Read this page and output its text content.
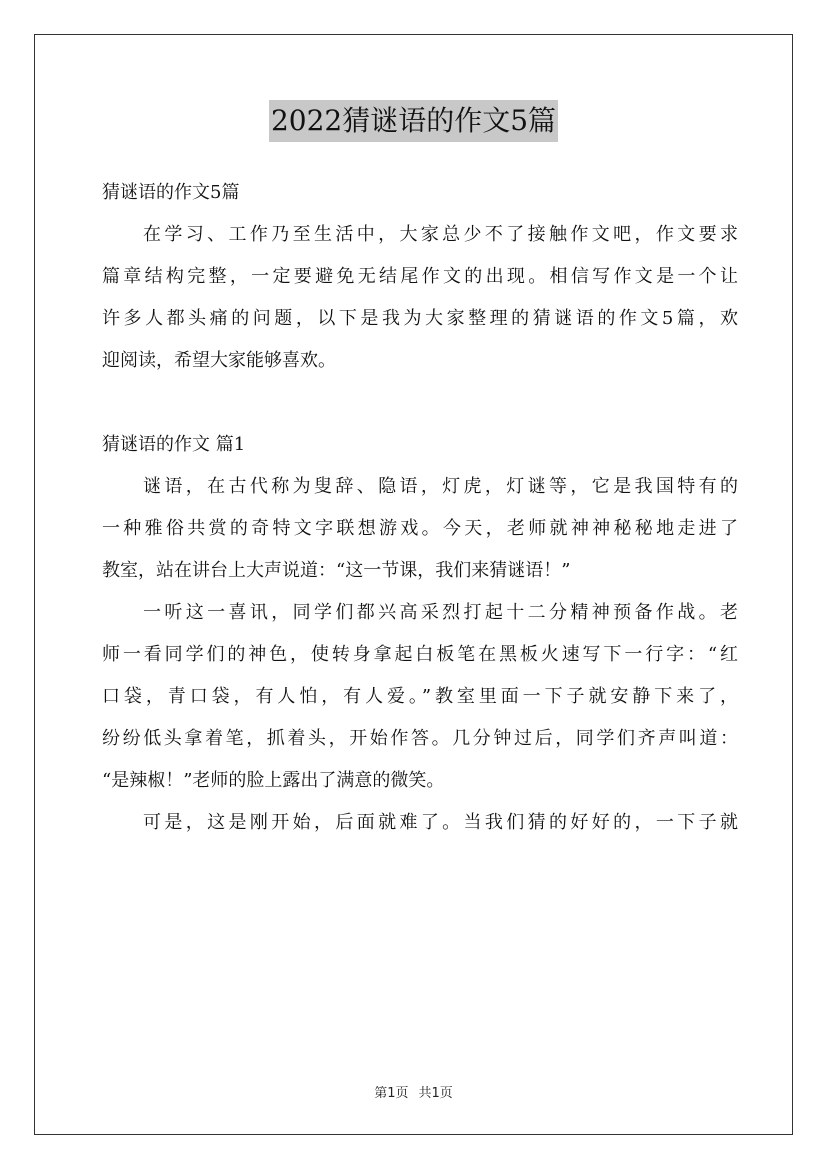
2022猜谜语的作文5篇
猜谜语的作文5篇
在学习、工作乃至生活中，大家总少不了接触作文吧，作文要求
篇章结构完整，一定要避免无结尾作文的出现。相信写作文是一个让
许多人都头痛的问题，以下是我为大家整理的猜谜语的作文5篇，欢
迎阅读，希望大家能够喜欢。
猜谜语的作文 篇1
谜语，在古代称为叟辞、隐语，灯虎，灯谜等，它是我国特有的
一种雅俗共赏的奇特文字联想游戏。今天，老师就神神秘秘地走进了
教室，站在讲台上大声说道：“这一节课，我们来猜谜语！”
一听这一喜讯，同学们都兴高采烈打起十二分精神预备作战。老
师一看同学们的神色，使转身拿起白板笔在黑板火速写下一行字：“红
口袋，青口袋，有人怕，有人爱。”教室里面一下子就安静下来了，
纷纷低头拿着笔，抓着头，开始作答。几分钟过后，同学们齐声叫道：
“是辣椒！”老师的脸上露出了满意的微笑。
可是，这是刚开始，后面就难了。当我们猜的好好的，一下子就
第1页 共1页
